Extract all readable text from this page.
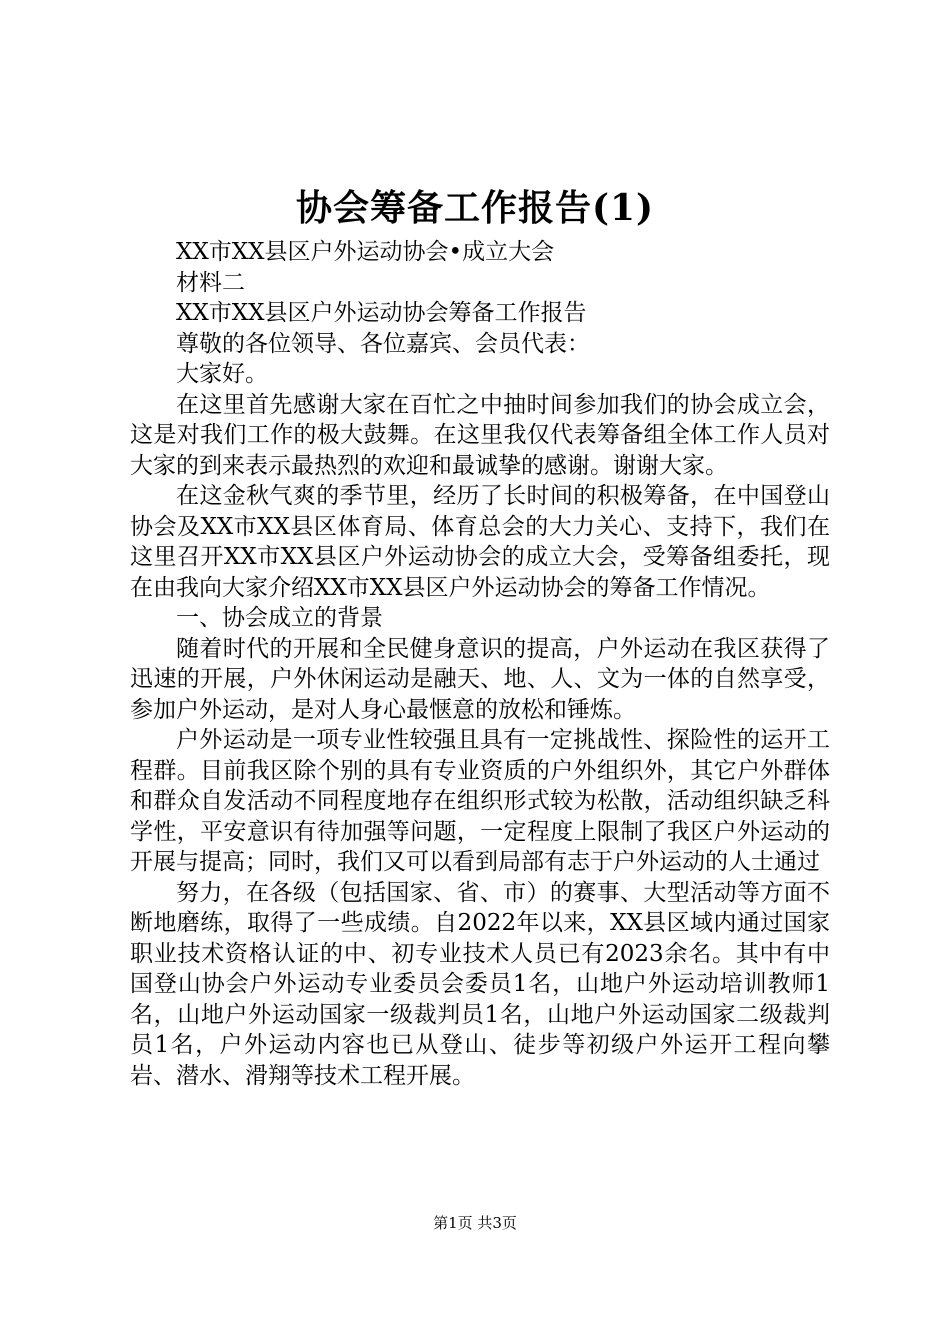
协会筹备工作报告(1)

XX市XX县区户外运动协会•成立大会

材料二

XX市XX县区户外运动协会筹备工作报告

尊敬的各位领导、各位嘉宾、会员代表：

大家好。

在这里首先感谢大家在百忙之中抽时间参加我们的协会成立会，这是对我们工作的极大鼓舞。在这里我仅代表筹备组全体工作人员对大家的到来表示最热烈的欢迎和最诚挚的感谢。谢谢大家。

在这金秋气爽的季节里，经历了长时间的积极筹备，在中国登山协会及XX市XX县区体育局、体育总会的大力关心、支持下，我们在这里召开XX市XX县区户外运动协会的成立大会，受筹备组委托，现在由我向大家介绍XX市XX县区户外运动协会的筹备工作情况。

一、协会成立的背景

随着时代的开展和全民健身意识的提高，户外运动在我区获得了迅速的开展，户外休闲运动是融天、地、人、文为一体的自然享受，参加户外运动，是对人身心最惬意的放松和锤炼。

户外运动是一项专业性较强且具有一定挑战性、探险性的运开工程群。目前我区除个别的具有专业资质的户外组织外，其它户外群体和群众自发活动不同程度地存在组织形式较为松散，活动组织缺乏科学性，平安意识有待加强等问题，一定程度上限制了我区户外运动的开展与提高；同时，我们又可以看到局部有志于户外运动的人士通过

努力，在各级（包括国家、省、市）的赛事、大型活动等方面不断地磨练，取得了一些成绩。自2022年以来，XX县区域内通过国家职业技术资格认证的中、初专业技术人员已有2023余名。其中有中国登山协会户外运动专业委员会委员1名，山地户外运动培训教师1名，山地户外运动国家一级裁判员1名，山地户外运动国家二级裁判员1名，户外运动内容也已从登山、徒步等初级户外运开工程向攀岩、潜水、滑翔等技术工程开展。

第1页 共3页
